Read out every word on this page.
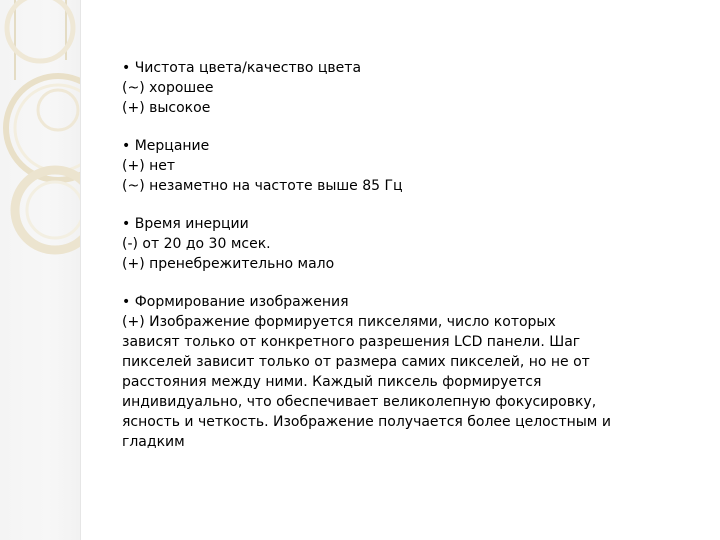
• Чистота цвета/качество цвета
(~) хорошее
(+) высокое
• Мерцание
(+) нет
(~) незаметно на частоте выше 85 Гц
• Время инерции
(-) от 20 до 30 мсек.
(+) пренебрежительно мало
• Формирование изображения
(+) Изображение формируется пикселями, число которых зависят только от конкретного разрешения LCD панели. Шаг пикселей зависит только от размера самих пикселей, но не от расстояния между ними. Каждый пиксель формируется индивидуально, что обеспечивает великолепную фокусировку, ясность и четкость. Изображение получается более целостным и гладким
